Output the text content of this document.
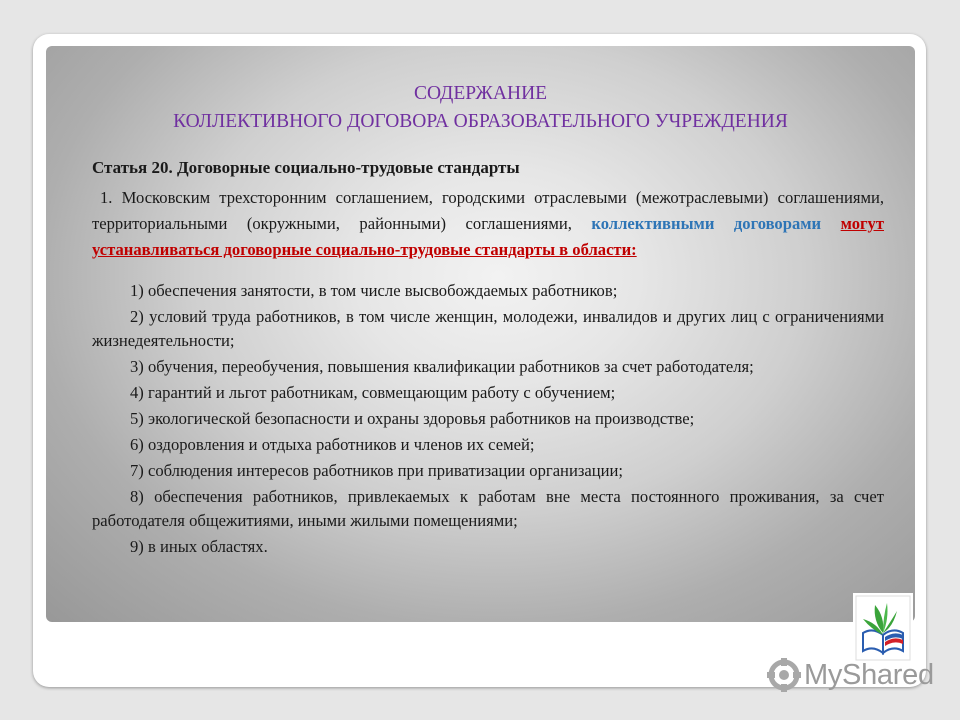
СОДЕРЖАНИЕ
КОЛЛЕКТИВНОГО ДОГОВОРА ОБРАЗОВАТЕЛЬНОГО УЧРЕЖДЕНИЯ
Статья 20. Договорные социально-трудовые стандарты
1. Московским трехсторонним соглашением, городскими отраслевыми (межотраслевыми) соглашениями, территориальными (окружными, районными) соглашениями, коллективными договорами могут устанавливаться договорные социально-трудовые стандарты в области:
1) обеспечения занятости, в том числе высвобождаемых работников;
2) условий труда работников, в том числе женщин, молодежи, инвалидов и других лиц с ограничениями жизнедеятельности;
3) обучения, переобучения, повышения квалификации работников за счет работодателя;
4) гарантий и льгот работникам, совмещающим работу с обучением;
5) экологической безопасности и охраны здоровья работников на производстве;
6) оздоровления и отдыха работников и членов их семей;
7) соблюдения интересов работников при приватизации организации;
8) обеспечения работников, привлекаемых к работам вне места постоянного проживания, за счет работодателя общежитиями, иными жилыми помещениями;
9) в иных областях.
MyShared
